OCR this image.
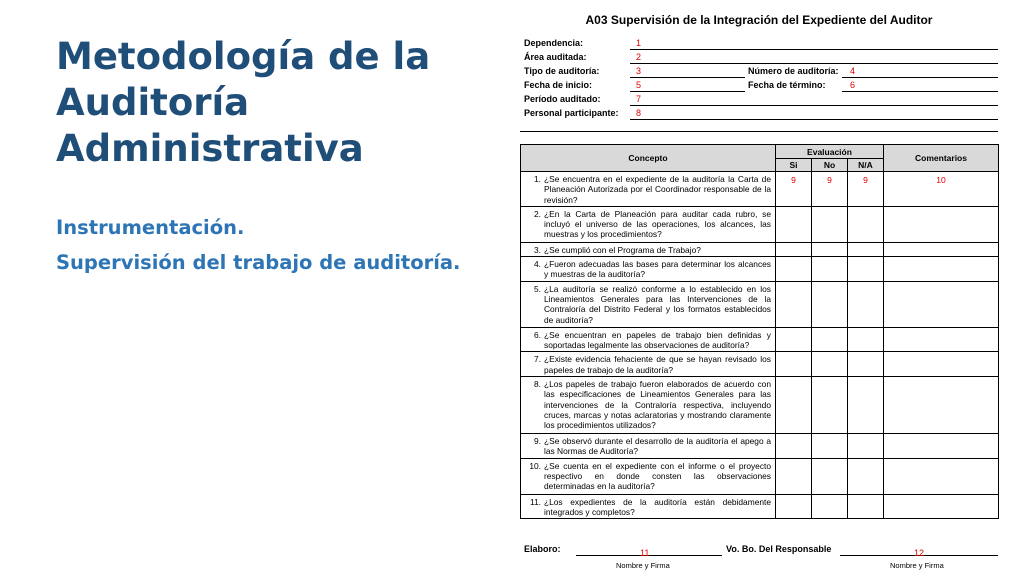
Metodología de la Auditoría Administrativa
Instrumentación.
Supervisión del trabajo de auditoría.
A03 Supervisión de la Integración del Expediente del Auditor
Dependencia:	1
Área auditada:	2
Tipo de auditoría:	3	Número de auditoría: 4
Fecha de inicio:	5	Fecha de término:	6
Período auditado:	7
Personal participante: 8
Concepto	Evaluación			Comentarios
	Si	No	N/A	

1. ¿Se encuentra en el expediente de la auditoría la Carta de Planeación Autorizada por el Coordinador responsable de la revisión?	9	9	9	10

2. ¿En la Carta de Planeación para auditar cada rubro, se incluyó el universo de las operaciones, los alcances, las muestras y los procedimientos?				

3. ¿Se cumplió con el Programa de Trabajo?				

4. ¿Fueron adecuadas las bases para determinar los alcances y muestras de la auditoría?				

5. ¿La auditoría se realizó conforme a lo establecido en los Lineamientos Generales para las Intervenciones de la Contraloría del Distrito Federal y los formatos establecidos de auditoría?				

6. ¿Se encuentran en papeles de trabajo bien definidas y soportadas legalmente las observaciones de auditoría?				

7. ¿Existe evidencia fehaciente de que se hayan revisado los papeles de trabajo de la auditoría?				

8. ¿Los papeles de trabajo fueron elaborados de acuerdo con las especificaciones de Lineamientos Generales para las intervenciones de la Contraloría respectiva, incluyendo cruces, marcas y notas aclaratorias y mostrando claramente los procedimientos utilizados?				

9. ¿Se observó durante el desarrollo de la auditoría el apego a las Normas de Auditoría?				

10. ¿Se cuenta en el expediente con el informe o el proyecto respectivo en donde consten las observaciones determinadas en la auditoría?				

11. ¿Los expedientes de la auditoría están debidamente integrados y completos?				

Elaboro:	11
Nombre y Firma
Vo. Bo. Del Responsable	12
Nombre y Firma
